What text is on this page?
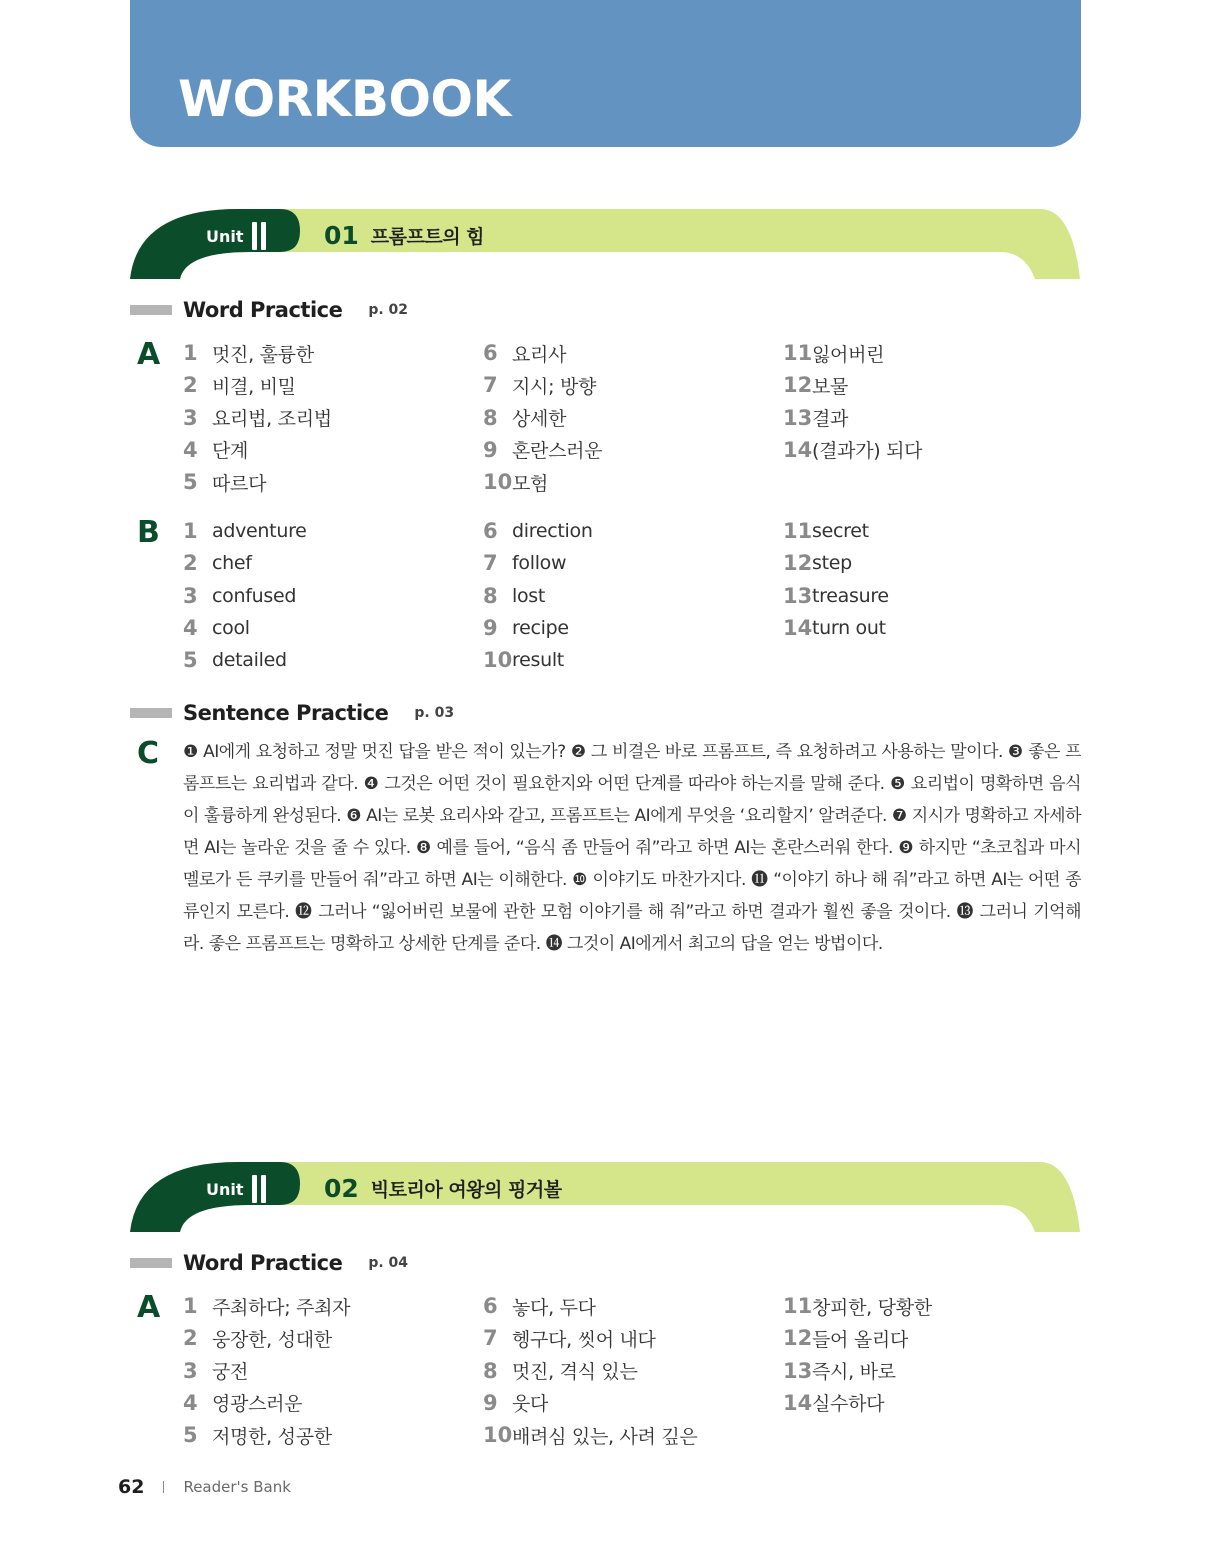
WORKBOOK
Unit	01 프롬프트의 힘
Word Practice p. 02
A 1 멋진, 훌륭한
2 비결, 비밀
3 요리법, 조리법
4 단계
5 따르다
6 요리사
7 지시; 방향
8 상세한
9 혼란스러운
10 모험
11 잃어버린
12 보물
13 결과
14 (결과가) 되다
B 1 adventure
2 chef
3 confused
4 cool
5 detailed
6 direction
7 follow
8 lost
9 recipe
10 result
11 secret
12 step
13 treasure
14 turn out
Sentence Practice p. 03
C ❶ AI에게 요청하고 정말 멋진 답을 받은 적이 있는가? ❷ 그 비결은 바로 프롬프트, 즉 요청하려고 사용하는 말이다. ❸ 좋은 프롬프트는 요리법과 같다. ❹ 그것은 어떤 것이 필요한지와 어떤 단계를 따라야 하는지를 말해 준다. ❺ 요리법이 명확하면 음식이 훌륭하게 완성된다. ❻ AI는 로봇 요리사와 같고, 프롬프트는 AI에게 무엇을 ‘요리할지’ 알려준다. ❼ 지시가 명확하고 자세하면 AI는 놀라운 것을 줄 수 있다. ❽ 예를 들어, “음식 좀 만들어 줘”라고 하면 AI는 혼란스러워 한다. ❾ 하지만 “초코칩과 마시멜로가 든 쿠키를 만들어 줘”라고 하면 AI는 이해한다. ❿ 이야기도 마찬가지다. ⓫ “이야기 하나 해 줘”라고 하면 AI는 어떤 종류인지 모른다. ⓬ 그러나 “잃어버린 보물에 관한 모험 이야기를 해 줘”라고 하면 결과가 훨씬 좋을 것이다. ⓭ 그러니 기억해라. 좋은 프롬프트는 명확하고 상세한 단계를 준다. ⓮ 그것이 AI에게서 최고의 답을 얻는 방법이다.
Unit	02 빅토리아 여왕의 핑거볼
Word Practice p. 04
A 1 주최하다; 주최자
2 웅장한, 성대한
3 궁전
4 영광스러운
5 저명한, 성공한
6 놓다, 두다
7 헹구다, 씻어 내다
8 멋진, 격식 있는
9 웃다
10 배려심 있는, 사려 깊은
11 창피한, 당황한
12 들어 올리다
13 즉시, 바로
14 실수하다
62	Reader's Bank
